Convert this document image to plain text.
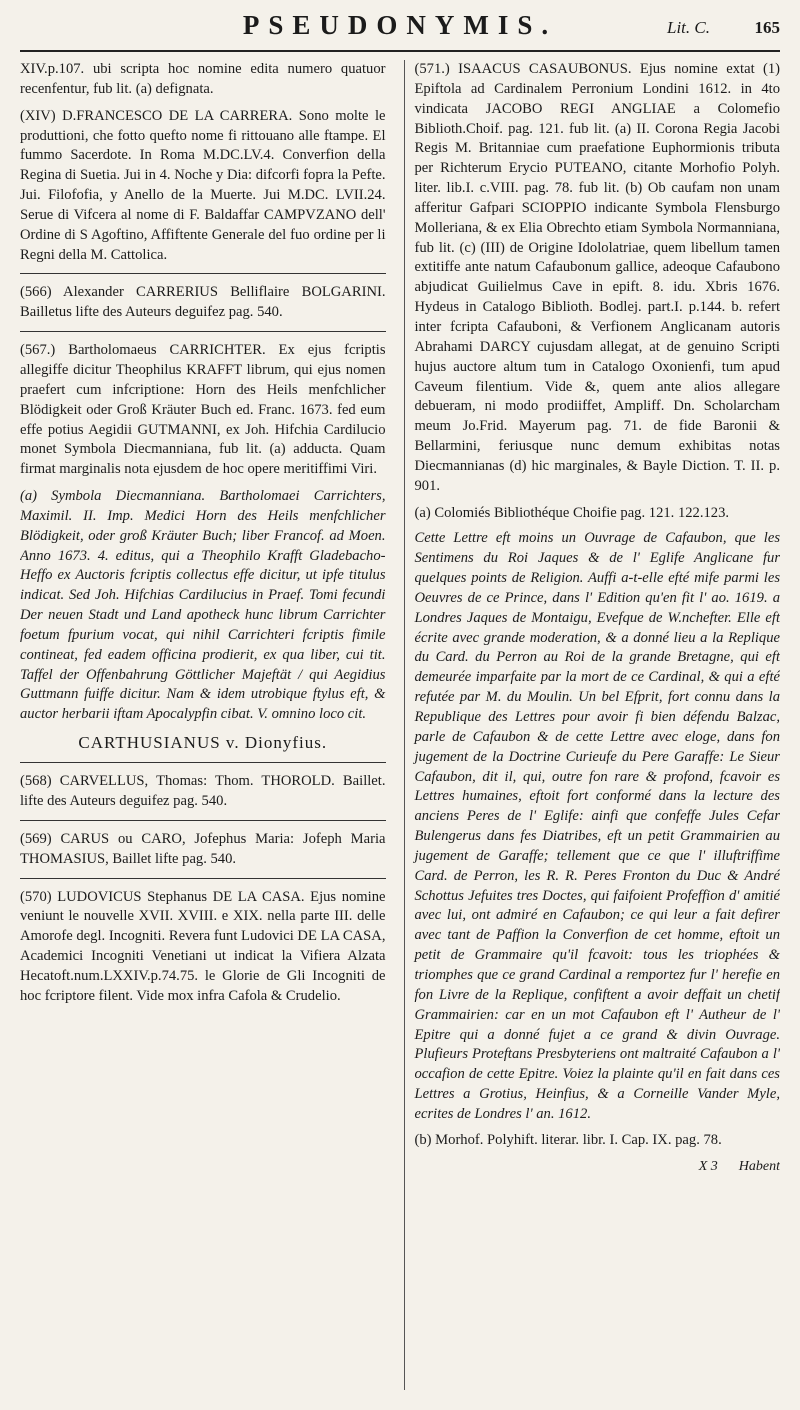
PSEUDONYMIS.	Lit. C.	165

XIV.p.107. ubi scripta hoc nomine edita numero quatuor recenfentur, fub lit. (a) defignata.

(XIV) D.FRANCESCO DE LA CARRERA. Sono molte le produttioni, che fotto quefto nome fi rittouano alle ftampe. El fummo Sacerdote. In Roma M.DC.LV.4. Converfion della Regina di Suetia. Jui in 4. Noche y Dia: difcorfi fopra la Pefte. Jui. Filofofia, y Anello de la Muerte. Jui M.DC. LVII.24. Serue di Vifcera al nome di F. Baldaffar CAMPVZANO dell' Ordine di S Agoftino, Affiftente Generale del fuo ordine per li Regni della M. Cattolica.

(566) Alexander CARRERIUS Belliflaire BOLGARINI. Bailletus lifte des Auteurs deguifez pag. 540.

(567.) Bartholomaeus CARRICHTER. Ex ejus fcriptis allegiffe dicitur Theophilus KRAFFT librum, qui ejus nomen praefert cum infcriptione: Horn des Heils menfchlicher Blödigkeit oder Groß Kräuter Buch ed. Franc. 1673. fed eum effe potius Aegidii GUTMANNI, ex Joh. Hifchia Cardilucio monet Symbola Diecmanniana, fub lit. (a) adducta. Quam firmat marginalis nota ejusdem de hoc opere meritiffimi Viri.

(a) Symbola Diecmanniana. Bartholomaei Carrichters, Maximil. II. Imp. Medici Horn des Heils menfchlicher Blödigkeit, oder groß Kräuter Buch; liber Francof. ad Moen. Anno 1673. 4. editus, qui a Theophilo Krafft Gladebacho-Heffo ex Auctoris fcriptis collectus effe dicitur, ut ipfe titulus indicat. Sed Joh. Hifchias Cardilucius in Praef. Tomi fecundi Der neuen Stadt und Land apotheck hunc librum Carrichter foetum fpurium vocat, qui nihil Carrichteri fcriptis fimile contineat, fed eadem officina prodierit, ex qua liber, cui tit. Taffel der Offenbahrung Göttlicher Majeftät / qui Aegidius Guttmann fuiffe dicitur. Nam & idem utrobique ftylus eft, & auctor herbarii iftam Apocalypfin cibat. V. omnino loco cit.

CARTHUSIANUS v. Dionyfius.

(568) CARVELLUS, Thomas: Thom. THOROLD. Baillet. lifte des Auteurs deguifez pag. 540.

(569) CARUS ou CARO, Jofephus Maria: Jofeph Maria THOMASIUS, Baillet lifte pag. 540.

(570) LUDOVICUS Stephanus DE LA CASA. Ejus nomine veniunt le nouvelle XVII. XVIII. e XIX. nella parte III. delle Amorofe degl. Incogniti. Revera funt Ludovici DE LA CASA, Academici Incogniti Venetiani ut indicat la Vifiera Alzata Hecatoft.num.LXXIV.p.74.75. le Glorie de Gli Incogniti de hoc fcriptore filent. Vide mox infra Cafola & Crudelio.

(571.) ISAACUS CASAUBONUS. Ejus nomine extat (1) Epiftola ad Cardinalem Perronium Londini 1612. in 4to vindicata JACOBO REGI ANGLIAE a Colomefio Biblioth.Choif. pag. 121. fub lit. (a) II. Corona Regia Jacobi Regis M. Britanniae cum praefatione Euphormionis tributa per Richterum Erycio PUTEANO, citante Morhofio Polyh. liter. lib.I. c.VIII. pag. 78. fub lit. (b) Ob caufam non unam afferitur Gafpari SCIOPPIO indicante Symbola Flensburgo Molleriana, & ex Elia Obrechto etiam Symbola Normanniana, fub lit. (c) (III) de Origine Idololatriae, quem libellum tamen extitiffe ante natum Cafaubonum gallice, adeoque Cafaubono abjudicat Guilielmus Cave in epift. 8. idu. Xbris 1676. Hydeus in Catalogo Biblioth. Bodlej. part.I. p.144. b. refert inter fcripta Cafauboni, & Verfionem Anglicanam autoris Abrahami DARCY cujusdam allegat, at de genuino Scripti hujus auctore altum tum in Catalogo Oxonienfi, tum apud Caveum filentium. Vide &, quem ante alios allegare debueram, ni modo prodiiffet, Ampliff. Dn. Scholarcham meum Jo.Frid. Mayerum pag. 71. de fide Baronii & Bellarmini, feriusque nunc demum exhibitas notas Diecmannianas (d) hic marginales, & Bayle Diction. T. II. p. 901.

(a) Colomiés Bibliothéque Choifie pag. 121. 122.123.

Cette Lettre eft moins un Ouvrage de Cafaubon, que les Sentimens du Roi Jaques & de l' Eglife Anglicane fur quelques points de Religion. Auffi a-t-elle efté mife parmi les Oeuvres de ce Prince, dans l' Edition qu'en fit l' ao. 1619. a Londres Jaques de Montaigu, Evefque de W.nchefter. Elle eft écrite avec grande moderation, & a donné lieu a la Replique du Card. du Perron au Roi de la grande Bretagne, qui eft demeurée imparfaite par la mort de ce Cardinal, & qui a efté refutée par M. du Moulin. Un bel Efprit, fort connu dans la Republique des Lettres pour avoir fi bien défendu Balzac, parle de Cafaubon & de cette Lettre avec eloge, dans fon jugement de la Doctrine Curieufe du Pere Garaffe: Le Sieur Cafaubon, dit il, qui, outre fon rare & profond, fcavoir es Lettres humaines, eftoit fort conformé dans la lecture des anciens Peres de l' Eglife: ainfi que confeffe Jules Cefar Bulengerus dans fes Diatribes, eft un petit Grammairien au jugement de Garaffe; tellement que ce que l' illuftriffime Card. de Perron, les R. R. Peres Fronton du Duc & André Schottus Jefuites tres Doctes, qui faifoient Profeffion d' amitié avec lui, ont admiré en Cafaubon; ce qui leur a fait defirer avec tant de Paffion la Converfion de cet homme, eftoit un petit de Grammaire qu'il fcavoit: tous les triophées & triomphes que ce grand Cardinal a remportez fur l' herefie en fon Livre de la Replique, confiftent a avoir deffait un chetif Grammairien: car en un mot Cafaubon eft l' Autheur de l' Epitre qui a donné fujet a ce grand & divin Ouvrage. Plufieurs Proteftans Presbyteriens ont maltraité Cafaubon a l' occafion de cette Epitre. Voiez la plainte qu'il en fait dans ces Lettres a Grotius, Heinfius, & a Corneille Vander Myle, ecrites de Londres l' an. 1612.

(b) Morhof. Polyhift. literar. libr. I. Cap. IX. pag. 78.

X 3 Habent
